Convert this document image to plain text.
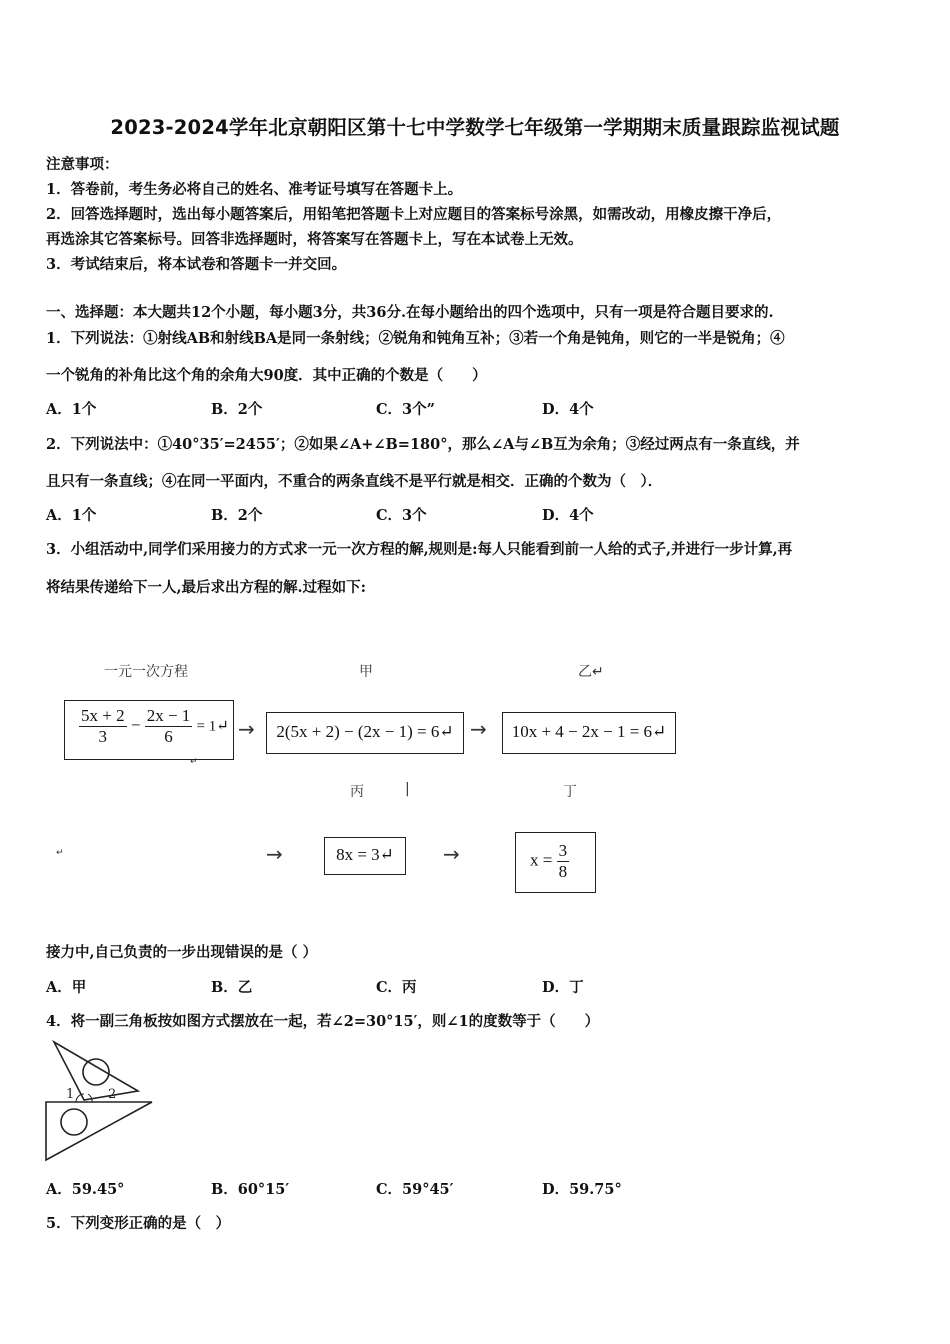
2023-2024学年北京朝阳区第十七中学数学七年级第一学期期末质量跟踪监视试题
注意事项：
1．答卷前，考生务必将自己的姓名、准考证号填写在答题卡上。
2．回答选择题时，选出每小题答案后，用铅笔把答题卡上对应题目的答案标号涂黑，如需改动，用橡皮擦干净后，
再选涂其它答案标号。回答非选择题时，将答案写在答题卡上，写在本试卷上无效。
3．考试结束后，将本试卷和答题卡一并交回。
一、选择题：本大题共12个小题，每小题3分，共36分.在每小题给出的四个选项中，只有一项是符合题目要求的.
1．下列说法：①射线AB和射线BA是同一条射线；②锐角和钝角互补；③若一个角是钝角，则它的一半是锐角；④
一个锐角的补角比这个角的余角大90度．其中正确的个数是（　　）
A．1个	B．2个	C．3个”	D．4个
2．下列说法中：①40°35′=2455′；②如果∠A+∠B=180°，那么∠A与∠B互为余角；③经过两点有一条直线，并
且只有一条直线；④在同一平面内，不重合的两条直线不是平行就是相交．正确的个数为（　）．
A．1个	B．2个	C．3个	D．4个
3．小组活动中,同学们采用接力的方式求一元一次方程的解,规则是:每人只能看到前一人给的式子,并进行一步计算,再
将结果传递给下一人,最后求出方程的解.过程如下:
一元一次方程	甲	乙↵
$\frac{5x + 2}{3} - \frac{2x - 1}{6}$ = 1↵ →	2(5x + 2) − (2x − 1) = 6↵ →	10x + 4 − 2x − 1 = 6↵
↵
丙	|	丁
↵	→	8x = 3↵	→	$x = \frac{3}{8}$
接力中,自己负责的一步出现错误的是（ ）
A．甲	B．乙	C．丙	D．丁
4．将一副三角板按如图方式摆放在一起，若∠2=30°15′，则∠1的度数等于（　　）
1	2
A．59.45°	B．60°15′	C．59°45′	D．59.75°
5．下列变形正确的是（　）
